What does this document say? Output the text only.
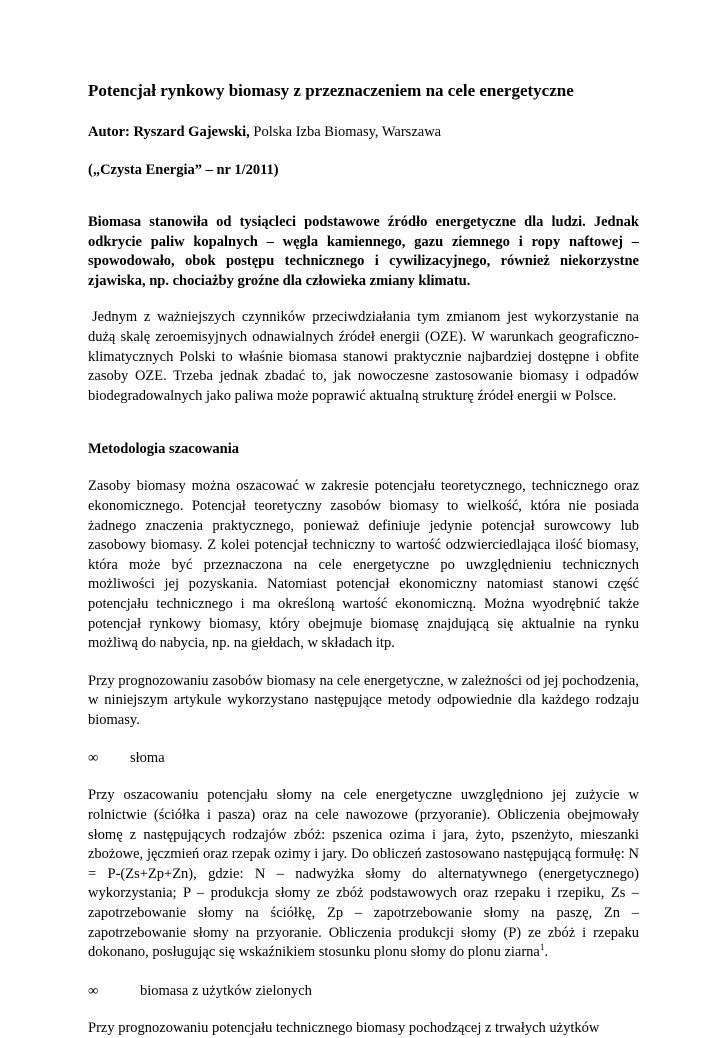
Potencjał rynkowy biomasy z przeznaczeniem na cele energetyczne
Autor: Ryszard Gajewski, Polska Izba Biomasy, Warszawa
(„Czysta Energia” – nr 1/2011)

Biomasa stanowiła od tysiącleci podstawowe źródło energetyczne dla ludzi. Jednak odkrycie paliw kopalnych – węgla kamiennego, gazu ziemnego i ropy naftowej – spowodowało, obok postępu technicznego i cywilizacyjnego, również niekorzystne zjawiska, np. chociażby groźne dla człowieka zmiany klimatu.

Jednym z ważniejszych czynników przeciwdziałania tym zmianom jest wykorzystanie na dużą skalę zeroemisyjnych odnawialnych źródeł energii (OZE). W warunkach geograficzno-klimatycznych Polski to właśnie biomasa stanowi praktycznie najbardziej dostępne i obfite zasoby OZE. Trzeba jednak zbadać to, jak nowoczesne zastosowanie biomasy i odpadów biodegradowalnych jako paliwa może poprawić aktualną strukturę źródeł energii w Polsce.

Metodologia szacowania

Zasoby biomasy można oszacować w zakresie potencjału teoretycznego, technicznego oraz ekonomicznego. Potencjał teoretyczny zasobów biomasy to wielkość, która nie posiada żadnego znaczenia praktycznego, ponieważ definiuje jedynie potencjał surowcowy lub zasobowy biomasy. Z kolei potencjał techniczny to wartość odzwierciedlająca ilość biomasy, która może być przeznaczona na cele energetyczne po uwzględnieniu technicznych możliwości jej pozyskania. Natomiast potencjał ekonomiczny natomiast stanowi część potencjału technicznego i ma określoną wartość ekonomiczną. Można wyodrębnić także potencjał rynkowy biomasy, który obejmuje biomasę znajdującą się aktualnie na rynku możliwą do nabycia, np. na giełdach, w składach itp.

Przy prognozowaniu zasobów biomasy na cele energetyczne, w zależności od jej pochodzenia, w niniejszym artykule wykorzystano następujące metody odpowiednie dla każdego rodzaju biomasy.

∞	słoma

Przy oszacowaniu potencjału słomy na cele energetyczne uwzględniono jej zużycie w rolnictwie (ściółka i pasza) oraz na cele nawozowe (przyoranie). Obliczenia obejmowały słomę z następujących rodzajów zbóż: pszenica ozima i jara, żyto, pszenżyto, mieszanki zbożowe, jęczmień oraz rzepak ozimy i jary. Do obliczeń zastosowano następującą formułę: N = P-(Zs+Zp+Zn), gdzie: N – nadwyżka słomy do alternatywnego (energetycznego) wykorzystania; P – produkcja słomy ze zbóż podstawowych oraz rzepaku i rzepiku, Zs – zapotrzebowanie słomy na ściółkę, Zp – zapotrzebowanie słomy na paszę, Zn – zapotrzebowanie słomy na przyoranie. Obliczenia produkcji słomy (P) ze zbóż i rzepaku dokonano, posługując się wskaźnikiem stosunku plonu słomy do plonu ziarna$^1$.

∞	biomasa z użytków zielonych

Przy prognozowaniu potencjału technicznego biomasy pochodzącej z trwałych użytków
